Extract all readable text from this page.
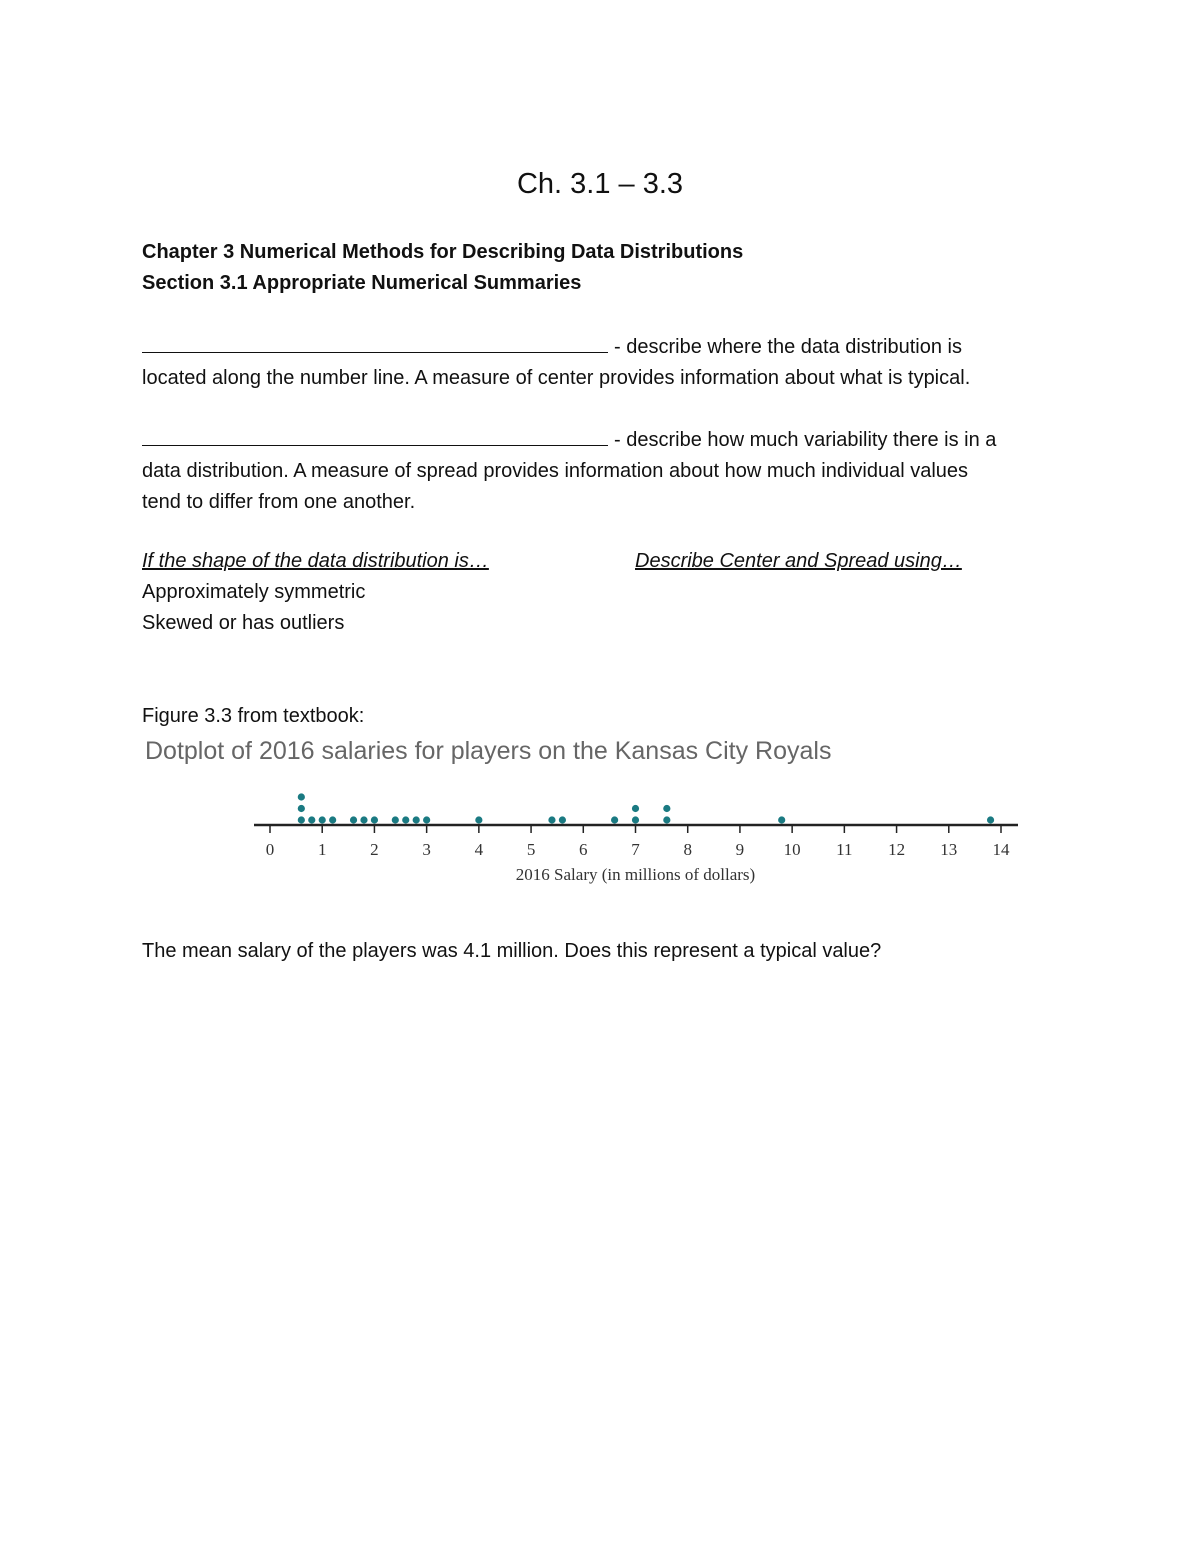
Ch. 3.1 – 3.3
Chapter 3 Numerical Methods for Describing Data Distributions
Section 3.1 Appropriate Numerical Summaries
- describe where the data distribution is
located along the number line. A measure of center provides information about what is typical.
- describe how much variability there is in a
data distribution. A measure of spread provides information about how much individual values
tend to differ from one another.
If the shape of the data distribution is…	Describe Center and Spread using…
Approximately symmetric
Skewed or has outliers
Figure 3.3 from textbook:
Dotplot of 2016 salaries for players on the Kansas City Royals
0	1	2	3	4	5	6	7	8	9 10 11 12 13 14
2016 Salary (in millions of dollars)
The mean salary of the players was 4.1 million. Does this represent a typical value?
